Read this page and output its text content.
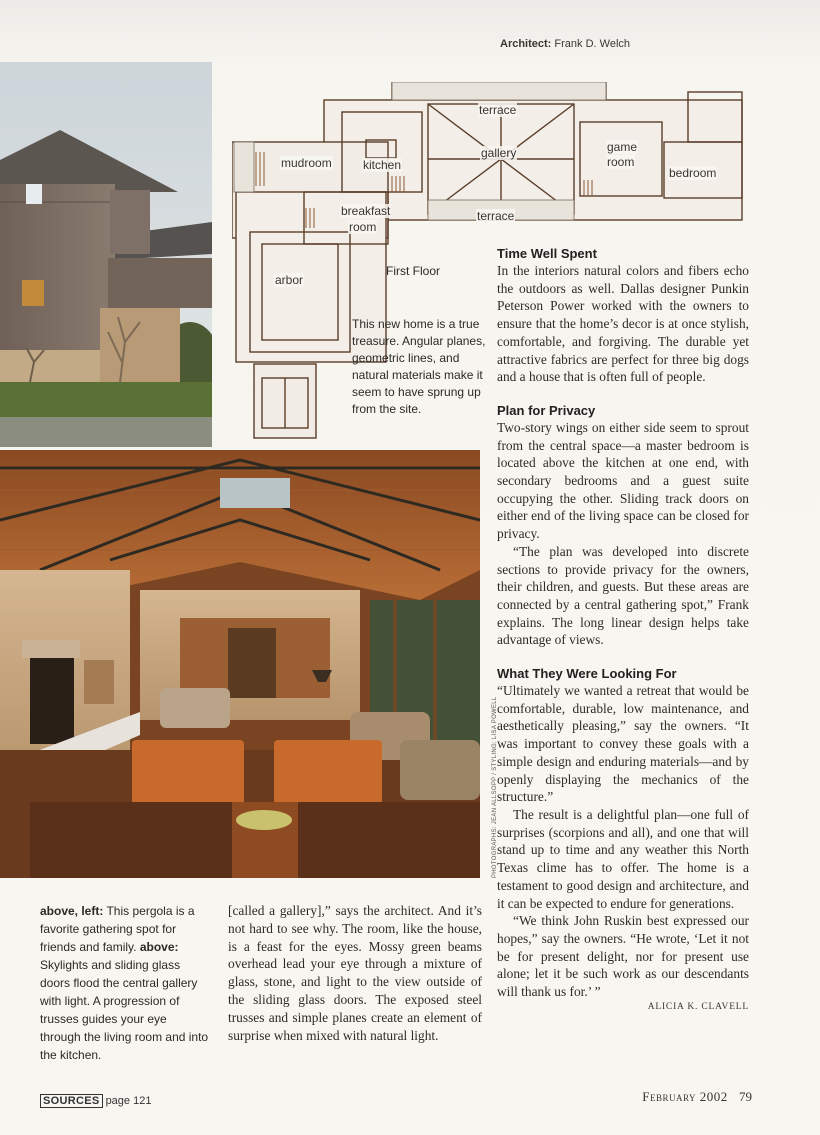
Architect: Frank D. Welch
mudroom	kitchen
breakfast
room
arbor
terrace
gallery
terrace
game
room
bedroom
First Floor
This new home is a true treasure. Angular planes, geometric lines, and natural materials make it seem to have sprung up from the site.
PHOTOGRAPHS: JEAN ALLSOPP / STYLING: LISA POWELL
Time Well Spent

In the interiors natural colors and fibers echo the outdoors as well. Dallas designer Punkin Peterson Power worked with the owners to ensure that the home’s decor is at once stylish, comfortable, and forgiving. The durable yet attractive fabrics are perfect for three big dogs and a house that is often full of people.

Plan for Privacy

Two-story wings on either side seem to sprout from the central space—a master bedroom is located above the kitchen at one end, with secondary bedrooms and a guest suite occupying the other. Sliding track doors on either end of the living space can be closed for privacy.

“The plan was developed into discrete sections to provide privacy for the owners, their children, and guests. But these areas are connected by a central gathering spot,” Frank explains. The long linear design helps take advantage of views.

What They Were Looking For

“Ultimately we wanted a retreat that would be comfortable, durable, low maintenance, and aesthetically pleasing,” say the owners. “It was important to convey these goals with a simple design and enduring materials—and by openly displaying the mechanics of the structure.”

The result is a delightful plan—one full of surprises (scorpions and all), and one that will stand up to time and any weather this North Texas clime has to offer. The home is a testament to good design and architecture, and it can be expected to endure for generations.

“We think John Ruskin best expressed our hopes,” say the owners. “He wrote, ‘Let it not be for present delight, nor for present use alone; let it be such work as our descendants will thank us for.’ ”

ALICIA K. CLAVELL
above, left: This pergola is a favorite gathering spot for friends and family. above: Skylights and sliding glass doors flood the central gallery with light. A progression of trusses guides your eye through the living room and into the kitchen.
[called a gallery],” says the architect. And it’s not hard to see why. The room, like the house, is a feast for the eyes. Mossy green beams overhead lead your eye through a mixture of glass, stone, and light to the view outside of the sliding glass doors. The exposed steel trusses and simple planes create an element of surprise when mixed with natural light.
SOURCES page 121	February 2002 79
